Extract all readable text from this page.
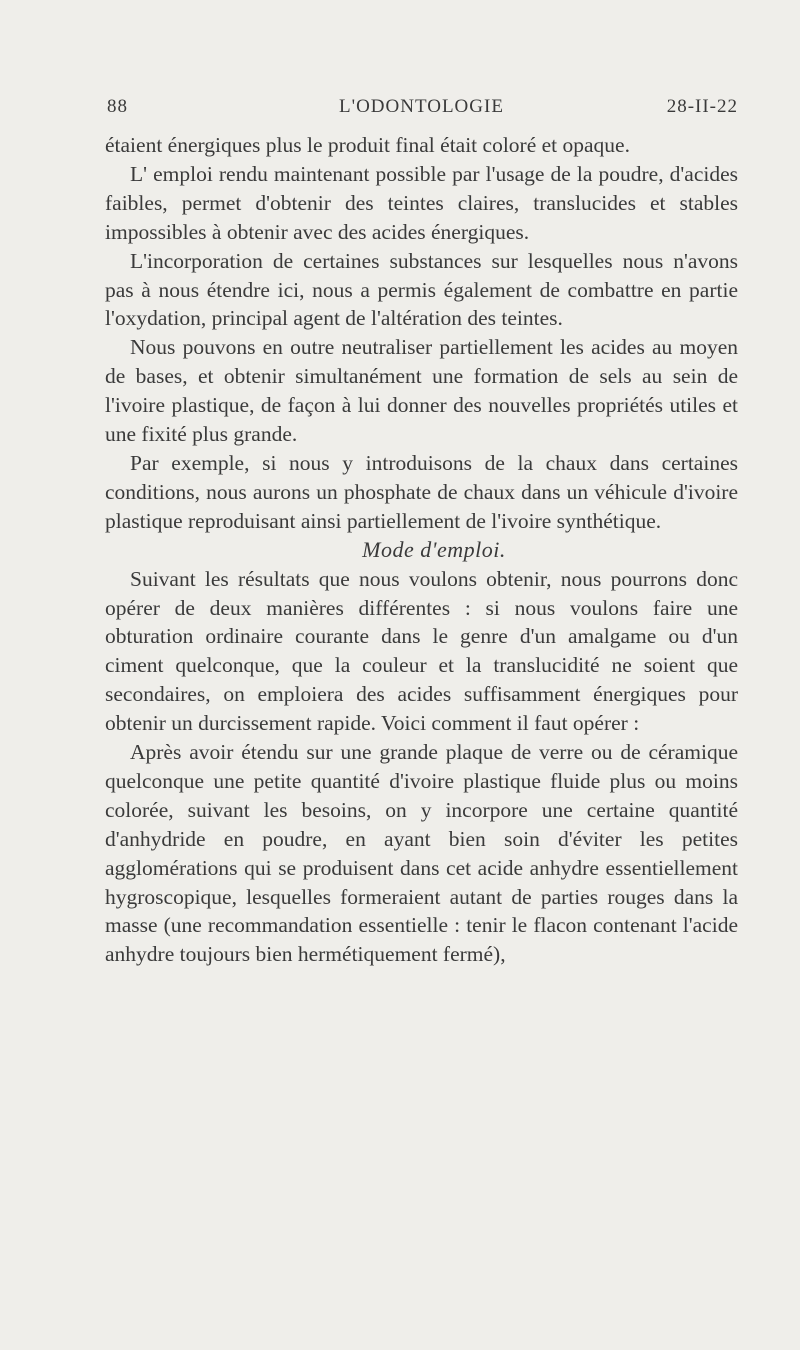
88	L'ODONTOLOGIE	28-II-22

étaient énergiques plus le produit final était coloré et opaque.

L' emploi rendu maintenant possible par l'usage de la poudre, d'acides faibles, permet d'obtenir des teintes claires, translucides et stables impossibles à obtenir avec des acides énergiques.

L'incorporation de certaines substances sur lesquelles nous n'avons pas à nous étendre ici, nous a permis également de combattre en partie l'oxydation, principal agent de l'altération des teintes.

Nous pouvons en outre neutraliser partiellement les acides au moyen de bases, et obtenir simultanément une formation de sels au sein de l'ivoire plastique, de façon à lui donner des nouvelles propriétés utiles et une fixité plus grande.

Par exemple, si nous y introduisons de la chaux dans certaines conditions, nous aurons un phosphate de chaux dans un véhicule d'ivoire plastique reproduisant ainsi partiellement de l'ivoire synthétique.

Mode d'emploi.

Suivant les résultats que nous voulons obtenir, nous pourrons donc opérer de deux manières différentes : si nous voulons faire une obturation ordinaire courante dans le genre d'un amalgame ou d'un ciment quelconque, que la couleur et la translucidité ne soient que secondaires, on emploiera des acides suffisamment énergiques pour obtenir un durcissement rapide. Voici comment il faut opérer :

Après avoir étendu sur une grande plaque de verre ou de céramique quelconque une petite quantité d'ivoire plastique fluide plus ou moins colorée, suivant les besoins, on y incorpore une certaine quantité d'anhydride en poudre, en ayant bien soin d'éviter les petites agglomérations qui se produisent dans cet acide anhydre essentiellement hygroscopique, lesquelles formeraient autant de parties rouges dans la masse (une recommandation essentielle : tenir le flacon contenant l'acide anhydre toujours bien hermétiquement fermé),
